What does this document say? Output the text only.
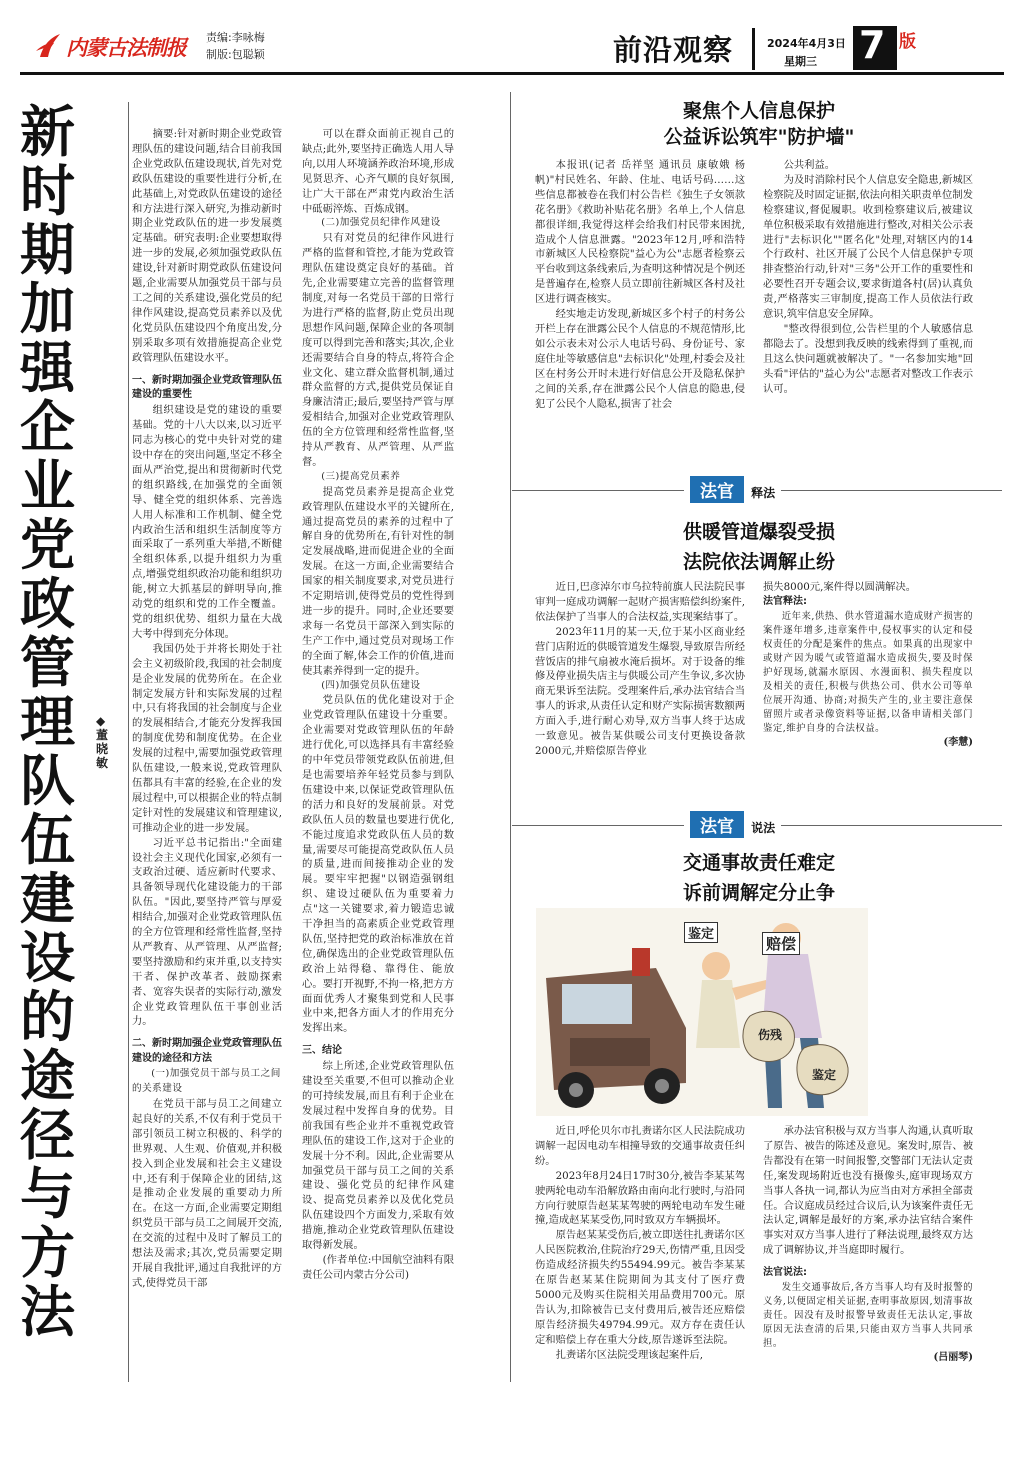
内蒙古法制报 责编:李咏梅
制版:包聪颖	前沿观察	2024年4月3日
星期三 7 版
新时期加强企业党政管理队伍建设的途径与方法
◆董晓敏
摘要:针对新时期企业党政管理队伍的建设问题,结合目前我国企业党政队伍建设现状,首先对党政队伍建设的重要性进行分析,在此基础上,对党政队伍建设的途径和方法进行深入研究,为推动新时期企业党政队伍的进一步发展奠定基础。研究表明:企业要想取得进一步的发展,必须加强党政队伍建设,针对新时期党政队伍建设问题,企业需要从加强党员干部与员工之间的关系建设,强化党员的纪律作风建设,提高党员素养以及优化党员队伍建设四个角度出发,分别采取多项有效措施提高企业党政管理队伍建设水平。
一、新时期加强企业党政管理队伍建设的重要性
组织建设是党的建设的重要基础。党的十八大以来,以习近平同志为核心的党中央针对党的建设中存在的突出问题,坚定不移全面从严治党,提出和贯彻新时代党的组织路线,在加强党的全面领导、健全党的组织体系、完善选人用人标准和工作机制、健全党内政治生活和组织生活制度等方面采取了一系列重大举措,不断健全组织体系,以提升组织力为重点,增强党组织政治功能和组织功能,树立大抓基层的鲜明导向,推动党的组织和党的工作全覆盖。党的组织优势、组织力量在大战大考中得到充分体现。
我国仍处于并将长期处于社会主义初级阶段,我国的社会制度是企业发展的优势所在。在企业制定发展方针和实际发展的过程中,只有将我国的社会制度与企业的发展相结合,才能充分发挥我国的制度优势和制度优势。在企业发展的过程中,需要加强党政管理队伍建设,一般来说,党政管理队伍都具有丰富的经验,在企业的发展过程中,可以根据企业的特点制定针对性的发展建议和管理建议,可推动企业的进一步发展。
习近平总书记指出:"全面建设社会主义现代化国家,必须有一支政治过硬、适应新时代要求、具备领导现代化建设能力的干部队伍。"因此,要坚持严管与厚爱相结合,加强对企业党政管理队伍的全方位管理和经常性监督,坚持从严教育、从严管理、从严监督;要坚持激励和约束并重,以支持实干者、保护改革者、鼓励探索者、宽容失误者的实际行动,激发企业党政管理队伍干事创业活力。
二、新时期加强企业党政管理队伍建设的途径和方法
(一)加强党员干部与员工之间的关系建设
在党员干部与员工之间建立起良好的关系,不仅有利于党员干部引领员工树立积极的、科学的世界观、人生观、价值观,并积极投入到企业发展和社会主义建设中,还有利于保障企业的团结,这是推动企业发展的重要动力所在。在这一方面,企业需要定期组织党员干部与员工之间展开交流,在交流的过程中及时了解员工的想法及需求;其次,党员需要定期开展自我批评,通过自我批评的方式,使得党员干部
可以在群众面前正视自己的缺点;此外,要坚持正确选人用人导向,以用人环境涵养政治环境,形成见贤思齐、心齐气顺的良好氛围,让广大干部在严肃党内政治生活中砥砺淬炼、百炼成钢。
(二)加强党员纪律作风建设
只有对党员的纪律作风进行严格的监督和管控,才能为党政管理队伍建设奠定良好的基础。首先,企业需要建立完善的监督管理制度,对每一名党员干部的日常行为进行严格的监督,防止党员出现思想作风问题,保障企业的各项制度可以得到完善和落实;其次,企业还需要结合自身的特点,将符合企业文化、建立群众监督机制,通过群众监督的方式,提供党员保证自身廉洁清正;最后,要坚持严管与厚爱相结合,加强对企业党政管理队伍的全方位管理和经常性监督,坚持从严教育、从严管理、从严监督。
(三)提高党员素养
提高党员素养是提高企业党政管理队伍建设水平的关键所在,通过提高党员的素养的过程中了解自身的优势所在,有针对性的制定发展战略,进而促进企业的全面发展。在这一方面,企业需要结合国家的相关制度要求,对党员进行不定期培训,使得党员的党性得到进一步的提升。同时,企业还要要求每一名党员干部深入到实际的生产工作中,通过党员对现场工作的全面了解,体会工作的价值,进而使其素养得到一定的提升。
(四)加强党员队伍建设
党员队伍的优化建设对于企业党政管理队伍建设十分重要。企业需要对党政管理队伍的年龄进行优化,可以选择具有丰富经验的中年党员带领党政队伍前进,但是也需要培养年轻党员参与到队伍建设中来,以保证党政管理队伍的活力和良好的发展前景。对党政队伍人员的数量也要进行优化,不能过度追求党政队伍人员的数量,需要尽可能提高党政队伍人员的质量,进而间接推动企业的发展。要牢牢把握"以钢造强钢组织、建设过硬队伍为重要着力点"这一关键要求,着力锻造忠诚干净担当的高素质企业党政管理队伍,坚持把党的政治标准放在首位,确保选出的企业党政管理队伍政治上站得稳、靠得住、能放心。要打开视野,不拘一格,把方方面面优秀人才聚集到党和人民事业中来,把各方面人才的作用充分发挥出来。
三、结论
综上所述,企业党政管理队伍建设至关重要,不但可以推动企业的可持续发展,而且有利于企业在发展过程中发挥自身的优势。目前我国有些企业并不重视党政管理队伍的建设工作,这对于企业的发展十分不利。因此,企业需要从加强党员干部与员工之间的关系建设、强化党员的纪律作风建设、提高党员素养以及优化党员队伍建设四个方面发力,采取有效措施,推动企业党政管理队伍建设取得新发展。
(作者单位:中国航空油料有限责任公司内蒙古分公司)
聚焦个人信息保护
公益诉讼筑牢"防护墙"
本报讯(记者 岳祥坚 通讯员 康敏娥 杨帆)"村民姓名、年龄、住址、电话号码……这些信息都被卷在我们村公告栏《独生子女领款花名册》《救助补贴花名册》名单上,个人信息都很详细,我觉得这样会给我们村民带来困扰,造成个人信息泄露。"2023年12月,呼和浩特市新城区人民检察院"益心为公"志愿者检察云平台收到这条线索后,为查明这种情况是个例还是普遍存在,检察人员立即前往新城区各村及社区进行调查核实。
经实地走访发现,新城区多个村子的村务公开栏上存在泄露公民个人信息的不规范情形,比如公示表未对公示人电话号码、身份证号、家庭住址等敏感信息"去标识化"处理,村委会及社区在村务公开时未进行好信息公开及隐私保护之间的关系,存在泄露公民个人信息的隐患,侵犯了公民个人隐私,损害了社会
公共利益。
为及时消除村民个人信息安全隐患,新城区检察院及时固定证据,依法向相关职责单位制发检察建议,督促履职。收到检察建议后,被建议单位积极采取有效措施进行整改,对相关公示表进行"去标识化""匿名化"处理,对辖区内的14个行政村、社区开展了公民个人信息保护专项排查整治行动,针对"三务"公开工作的重要性和必要性召开专题会议,要求街道各村(居)认真负责,严格落实三审制度,提高工作人员依法行政意识,筑牢信息安全屏障。
"整改得很到位,公告栏里的个人敏感信息都隐去了。没想到我反映的线索得到了重视,而且这么快问题就被解决了。"一名参加实地"回头看"评估的"益心为公"志愿者对整改工作表示认可。
法官 释法
供暖管道爆裂受损
法院依法调解止纷
近日,巴彦淖尔市乌拉特前旗人民法院民事审判一庭成功调解一起财产损害赔偿纠纷案件,依法保护了当事人的合法权益,实现案结事了。
2023年11月的某一天,位于某小区商业经营门店附近的供暖管道发生爆裂,导致原告所经营饭店的排气扇被水淹后损坏。对于设备的维修及停业损失店主与供暖公司产生争议,多次协商无果诉至法院。受理案件后,承办法官结合当事人的诉求,从责任认定和财产实际损害数额两方面入手,进行耐心劝导,双方当事人终于达成一致意见。被告某供暖公司支付更换设备款2000元,并赔偿原告停业
损失8000元,案件得以圆满解决。
法官释法:
近年来,供热、供水管道漏水造成财产损害的案件逐年增多,违章案件中,侵权事实的认定和侵权责任的分配是案件的焦点。如果真的出现家中或财产因为暖气或管道漏水造成损失,要及时保护好现场,就漏水原因、水漫面积、损失程度以及相关的责任,积极与供热公司、供水公司等单位展开沟通、协商;对损失产生的,业主要注意保留照片或者录像资料等证据,以备申请相关部门鉴定,维护自身的合法权益。
(李慧)
法官 说法
交通事故责任难定
诉前调解定分止争
鉴定
赔偿
伤残
鉴定
近日,呼伦贝尔市扎赉诺尔区人民法院成功调解一起因电动车相撞导致的交通事故责任纠纷。
2023年8月24日17时30分,被告李某某驾驶两轮电动车沿解放路由南向北行驶时,与沿同方向行驶原告赵某某驾驶的两轮电动车发生碰撞,造成赵某某受伤,同时致双方车辆损坏。
原告赵某某受伤后,被立即送往扎赉诺尔区人民医院救治,住院治疗29天,伤情严重,且因受伤造成经济损失约55494.99元。被告李某某在原告赵某某住院期间为其支付了医疗费5000元及购买住院相关用品费用700元。原告认为,扣除被告已支付费用后,被告还应赔偿原告经济损失49794.99元。双方存在责任认定和赔偿上存在重大分歧,原告遂诉至法院。
扎赉诺尔区法院受理该起案件后,
承办法官积极与双方当事人沟通,认真听取了原告、被告的陈述及意见。案发时,原告、被告都没有在第一时间报警,交警部门无法认定责任,案发现场附近也没有摄像头,庭审现场双方当事人各执一词,都认为应当由对方承担全部责任。合议庭成员经过合议后,认为该案件责任无法认定,调解是最好的方案,承办法官结合案件事实对双方当事人进行了释法说理,最终双方达成了调解协议,并当庭即时履行。
法官说法:
发生交通事故后,各方当事人均有及时报警的义务,以便固定相关证据,查明事故原因,划清事故责任。因没有及时报警导致责任无法认定,事故原因无法查清的后果,只能由双方当事人共同承担。
(吕丽琴)
